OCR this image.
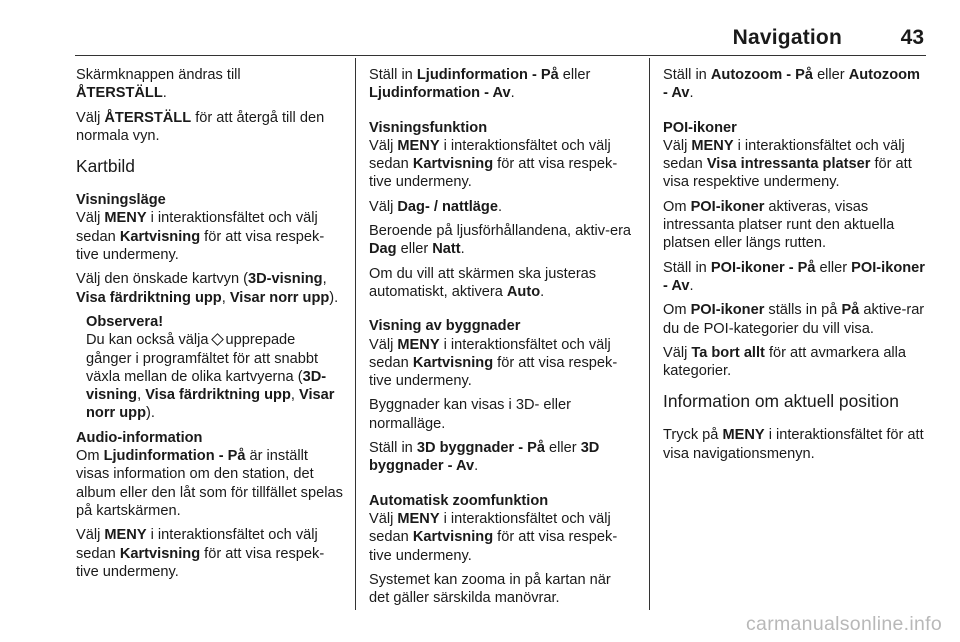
Navigation	43

Skärmknappen ändras till
ÅTERSTÄLL.

Välj ÅTERSTÄLL för att återgå till den normala vyn.

Kartbild

Visningsläge

Välj MENY i interaktionsfältet och välj sedan Kartvisning för att visa respek‐tive undermeny.

Välj den önskade kartvyn (3D-visning, Visa färdriktning upp, Visar norr upp).

Observera!

Du kan också välja upprepade gånger i programfältet för att snabbt växla mellan de olika kartvyerna (3D-visning, Visa färdriktning upp, Visar norr upp).

Audio-information

Om Ljudinformation - På är inställt visas information om den station, det album eller den låt som för tillfället spelas på kartskärmen.

Välj MENY i interaktionsfältet och välj sedan Kartvisning för att visa respek‐tive undermeny.

Ställ in Ljudinformation - På eller Ljudinformation - Av.

Visningsfunktion

Välj MENY i interaktionsfältet och välj sedan Kartvisning för att visa respek‐tive undermeny.

Välj Dag- / nattläge.

Beroende på ljusförhållandena, aktiv‐era Dag eller Natt.

Om du vill att skärmen ska justeras automatiskt, aktivera Auto.

Visning av byggnader

Välj MENY i interaktionsfältet och välj sedan Kartvisning för att visa respek‐tive undermeny.

Byggnader kan visas i 3D- eller normalläge.

Ställ in 3D byggnader - På eller 3D byggnader - Av.

Automatisk zoomfunktion

Välj MENY i interaktionsfältet och välj sedan Kartvisning för att visa respek‐tive undermeny.

Systemet kan zooma in på kartan när det gäller särskilda manövrar.

Ställ in Autozoom - På eller Autozoom - Av.

POI-ikoner

Välj MENY i interaktionsfältet och välj sedan Visa intressanta platser för att visa respektive undermeny.

Om POI-ikoner aktiveras, visas intressanta platser runt den aktuella platsen eller längs rutten.

Ställ in POI-ikoner - På eller POI-ikoner - Av.

Om POI-ikoner ställs in på På aktive‐rar du de POI-kategorier du vill visa.

Välj Ta bort allt för att avmarkera alla kategorier.

Information om aktuell position

Tryck på MENY i interaktionsfältet för att visa navigationsmenyn.

carmanualsonline.info
